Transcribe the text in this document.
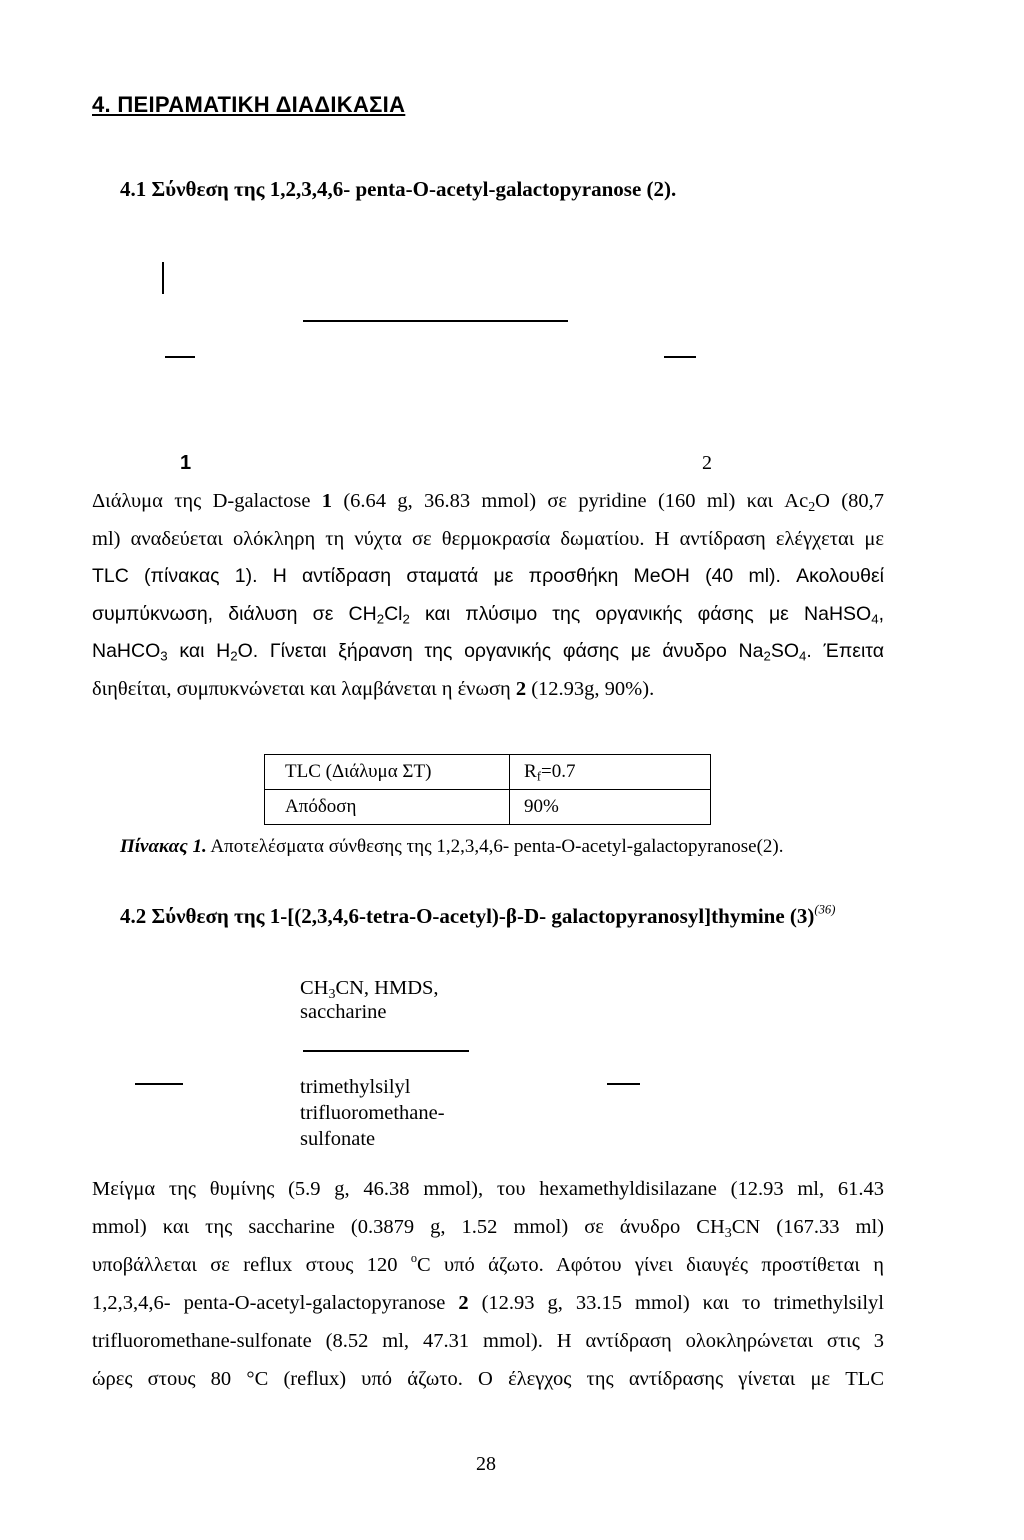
4. ΠΕΙΡΑΜΑΤΙΚΗ ΔΙΑΔΙΚΑΣΙΑ
4.1 Σύνθεση της 1,2,3,4,6- penta-O-acetyl-galactopyranose (2).
1	2
Διάλυμα της D-galactose 1 (6.64 g, 36.83 mmol) σε pyridine (160 ml) και $Ac_2O$ (80,7
ml) αναδεύεται ολόκληρη τη νύχτα σε θερμοκρασία δωματίου. Η αντίδραση ελέγχεται με
TLC (πίνακας 1). Η αντίδραση σταματά με προσθήκη MeOH (40 ml). Ακολουθεί
συμπύκνωση, διάλυση σε $CH_2Cl_2$ και πλύσιμο της οργανικής φάσης με NaHSO$_4$,
NaHCO$_3$ και $H_2O$. Γίνεται ξήρανση της οργανικής φάσης με άνυδρο $Na_2SO_4$. Έπειτα
διηθείται, συμπυκνώνεται και λαμβάνεται η ένωση 2 (12.93g, 90%).
TLC (Διάλυμα ΣΤ)	$R_f=0.7$
Απόδοση	90%
Πίνακας 1. Αποτελέσματα σύνθεσης της 1,2,3,4,6- penta-O-acetyl-galactopyranose(2).
4.2 Σύνθεση της 1-[(2,3,4,6-tetra-O-acetyl)-β-D- galactopyranosyl]thymine $(3)^{(36)}$
$CH_3CN$, HMDS,
saccharine
trimethylsilyl
trifluoromethane-
sulfonate
Μείγμα της θυμίνης (5.9 g, 46.38 mmol), του hexamethyldisilazane (12.93 ml, 61.43
mmol) και της saccharine (0.3879 g, 1.52 mmol) σε άνυδρο $CH_3CN$ (167.33 ml)
υποβάλλεται σε reflux στους 120 $^o$C υπό άζωτο. Αφότου γίνει διαυγές προστίθεται η
1,2,3,4,6- penta-O-acetyl-galactopyranose 2 (12.93 g, 33.15 mmol) και το trimethylsilyl
trifluoromethane-sulfonate (8.52 ml, 47.31 mmol). Η αντίδραση ολοκληρώνεται στις 3
ώρες στους 80 °C (reflux) υπό άζωτο. Ο έλεγχος της αντίδρασης γίνεται με TLC
28
